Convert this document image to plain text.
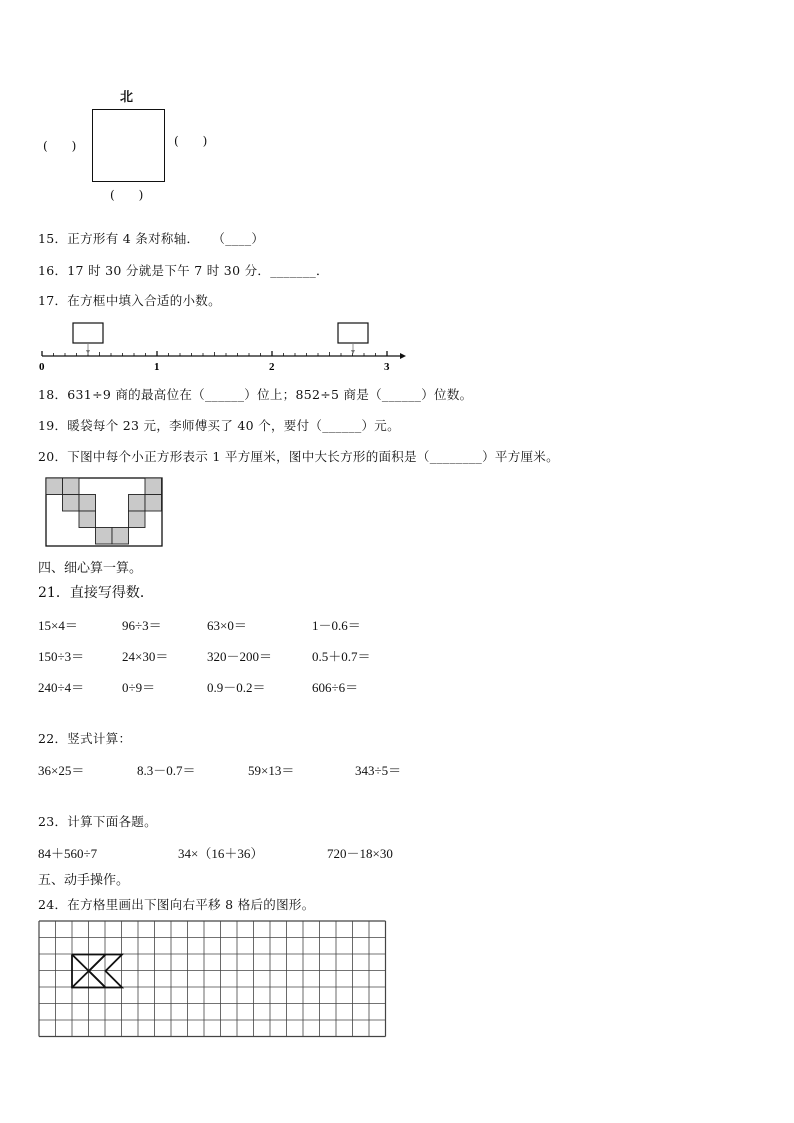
北
(　　)	(　　)
(　　)
15．正方形有 4 条对称轴．　　（____）
16．17 时 30 分就是下午 7 时 30 分．_______．
17．在方框中填入合适的小数。
0	1	2	3
18．631÷9 商的最高位在（______）位上；852÷5 商是（______）位数。
19．暖袋每个 23 元，李师傅买了 40 个，要付（______）元。
20．下图中每个小正方形表示 1 平方厘米，图中大长方形的面积是（________）平方厘米。
四、细心算一算。
21．直接写得数．
15×4＝	96÷3＝	63×0＝	1－0.6＝
150÷3＝	24×30＝	320－200＝	0.5＋0.7＝
240÷4＝	0÷9＝	0.9－0.2＝	606÷6＝
22．竖式计算：
36×25＝	8.3－0.7＝	59×13＝	343÷5＝
23．计算下面各题。
84＋560÷7	34×（16＋36）	720－18×30
五、动手操作。
24．在方格里画出下图向右平移 8 格后的图形。
